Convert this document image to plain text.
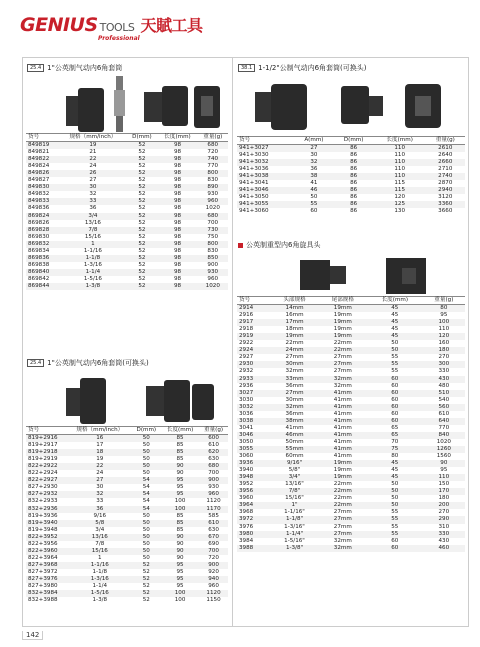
GENIUS TOOLS 天賦工具
Professional
25.4 1"公英制气动内6角套筒
货号	规格（mm/inch）	D(mm)	长度(mm)	重量(g)
849819	19	52	98	680
849821	21	52	98	720
849822	22	52	98	740
849824	24	52	98	770
849826	26	52	98	800
849827	27	52	98	830
849830	30	52	98	890
849832	32	52	98	930
849833	33	52	98	960
849836	36	52	98	1020
869824	3/4	52	98	680
869826	13/16	52	98	700
869828	7/8	52	98	730
869830	15/16	52	98	750
869832	1	52	98	800
869834	1-1/16	52	98	830
869836	1-1/8	52	98	850
869838	1-3/16	52	98	900
869840	1-1/4	52	98	930
869842	1-5/16	52	98	960
869844	1-3/8	52	98	1020
25.4 1"公英制气动内6角套筒(可换头)
货号	规格（mm/inch）	D(mm)	长度(mm)	重量(g)
819+2916	16	50	85	600
819+2917	17	50	85	610
819+2918	18	50	85	620
819+2919	19	50	85	630
822+2922	22	50	90	680
822+2924	24	50	90	700
822+2927	27	54	95	900
827+2930	30	54	95	930
827+2932	32	54	95	960
832+2933	33	54	100	1120
832+2936	36	54	100	1170
819+3936	9/16	50	85	585
819+3940	5/8	50	85	610
819+3948	3/4	50	85	630
822+3952	13/16	50	90	670
822+3956	7/8	50	90	690
822+3960	15/16	50	90	700
822+3964	1	50	90	720
827+3968	1-1/16	52	95	900
827+3972	1-1/8	52	95	920
827+3976	1-3/16	52	95	940
827+3980	1-1/4	52	95	960
832+3984	1-5/16	52	100	1120
832+3988	1-3/8	52	100	1150
38.1 1-1/2"公制气动内6角套筒(可换头)
货号	A(mm)	D(mm)	长度(mm)	重量(g)
941+3027	27	86	110	2610
941+3030	30	86	110	2640
941+3032	32	86	110	2660
941+3036	36	86	110	2710
941+3038	38	86	110	2740
941+3041	41	86	115	2870
941+3046	46	86	115	2940
941+3050	50	86	120	3120
941+3055	55	86	125	3360
941+3060	60	86	130	3660
公英制重型内6角旋具头
货号	头部规格	尾部规格	长度(mm)	重量(g)
2914	14mm	19mm	45	80
2916	16mm	19mm	45	95
2917	17mm	19mm	45	100
2918	18mm	19mm	45	110
2919	19mm	19mm	45	120
2922	22mm	22mm	50	160
2924	24mm	22mm	50	180
2927	27mm	27mm	55	270
2930	30mm	27mm	55	300
2932	32mm	27mm	55	330
2933	33mm	32mm	60	430
2936	36mm	32mm	60	480
3027	27mm	41mm	60	510
3030	30mm	41mm	60	540
3032	32mm	41mm	60	560
3036	36mm	41mm	60	610
3038	38mm	41mm	60	640
3041	41mm	41mm	65	770
3046	46mm	41mm	65	840
3050	50mm	41mm	70	1020
3055	55mm	41mm	75	1260
3060	60mm	41mm	80	1560
3936	9/16"	19mm	45	90
3940	5/8"	19mm	45	95
3948	3/4"	19mm	45	110
3952	13/16"	22mm	50	150
3956	7/8"	22mm	50	170
3960	15/16"	22mm	50	180
3964	1"	22mm	50	200
3968	1-1/16"	27mm	55	270
3972	1-1/8"	27mm	55	290
3976	1-3/16"	27mm	55	310
3980	1-1/4"	27mm	55	330
3984	1-5/16"	32mm	60	430
3988	1-3/8"	32mm	60	460
142
